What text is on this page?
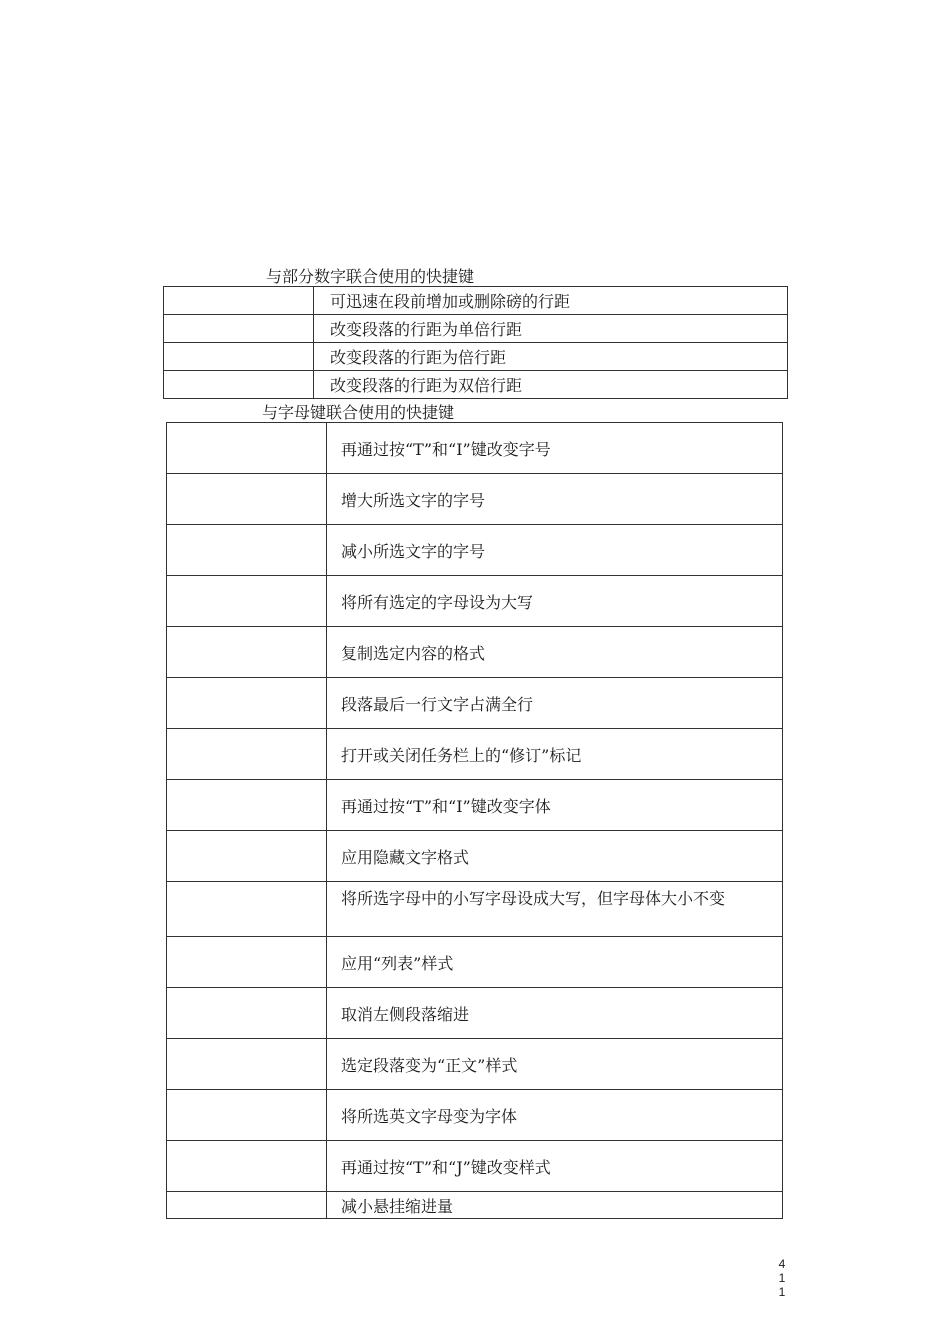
与部分数字联合使用的快捷键
	可迅速在段前增加或删除磅的行距
	改变段落的行距为单倍行距
	改变段落的行距为倍行距
	改变段落的行距为双倍行距
与字母键联合使用的快捷键
	再通过按“T”和“I”键改变字号
	增大所选文字的字号
	减小所选文字的字号
	将所有选定的字母设为大写
	复制选定内容的格式
	段落最后一行文字占满全行
	打开或关闭任务栏上的“修订”标记
	再通过按“T”和“I”键改变字体
	应用隐藏文字格式
	将所选字母中的小写字母设成大写，但字母体大小不变
	应用“列表”样式
	取消左侧段落缩进
	选定段落变为“正文”样式
	将所选英文字母变为字体
	再通过按“T”和“J”键改变样式
	减小悬挂缩进量
4
1
1
